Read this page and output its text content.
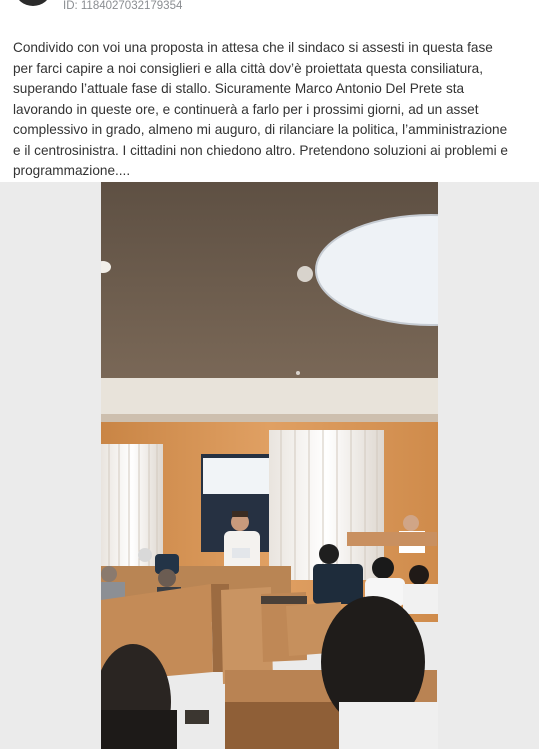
ID: 1184027032179354

Condivido con voi una proposta in attesa che il sindaco si assesti in questa fase
per farci capire a noi consiglieri e alla città dov’è proiettata questa consiliatura,
superando l’attuale fase di stallo. Sicuramente Marco Antonio Del Prete sta
lavorando in queste ore, e continuerà a farlo per i prossimi giorni, ad un asset
complessivo in grado, almeno mi auguro, di rilanciare la politica, l’amministrazione
e il centrosinistra. I cittadini non chiedono altro. Pretendono soluzioni ai problemi e
programmazione....
